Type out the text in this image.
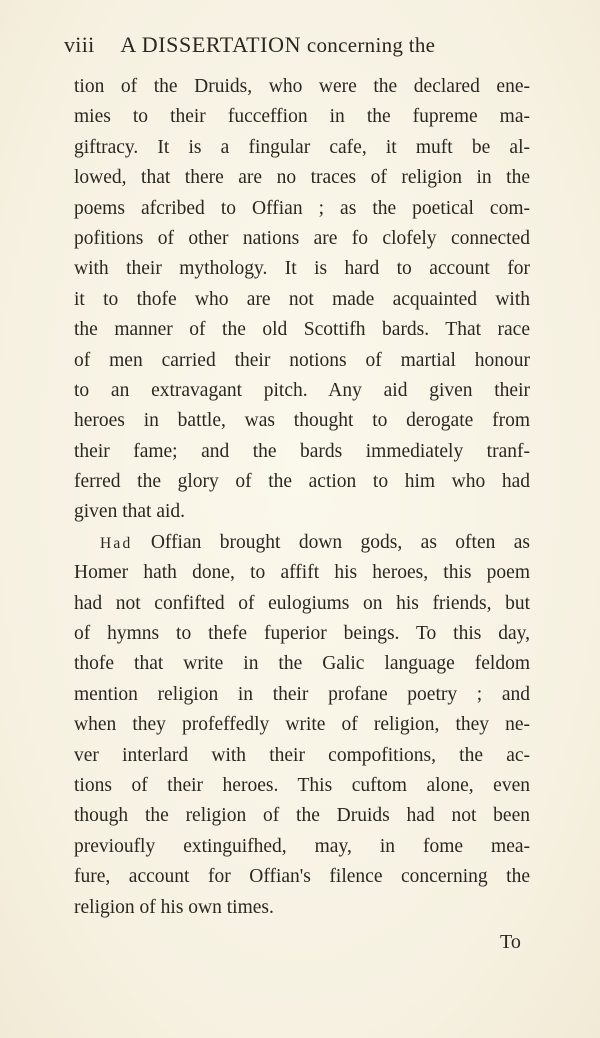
viii A DISSERTATION concerning the
tion of the Druids, who were the declared ene-
mies to their fucceffion in the fupreme ma-
giftracy. It is a fingular cafe, it muft be al-
lowed, that there are no traces of religion in the
poems afcribed to Offian ; as the poetical com-
pofitions of other nations are fo clofely connected
with their mythology. It is hard to account for
it to thofe who are not made acquainted with
the manner of the old Scottifh bards. That race
of men carried their notions of martial honour
to an extravagant pitch. Any aid given their
heroes in battle, was thought to derogate from
their fame; and the bards immediately tranf-
ferred the glory of the action to him who had
given that aid.
Had Offian brought down gods, as often as
Homer hath done, to affift his heroes, this poem
had not confifted of eulogiums on his friends, but
of hymns to thefe fuperior beings. To this day,
thofe that write in the Galic language feldom
mention religion in their profane poetry ; and
when they profeffedly write of religion, they ne-
ver interlard with their compofitions, the ac-
tions of their heroes. This cuftom alone, even
though the religion of the Druids had not been
previoufly extinguifhed, may, in fome mea-
fure, account for Offian's filence concerning the
religion of his own times.
To
